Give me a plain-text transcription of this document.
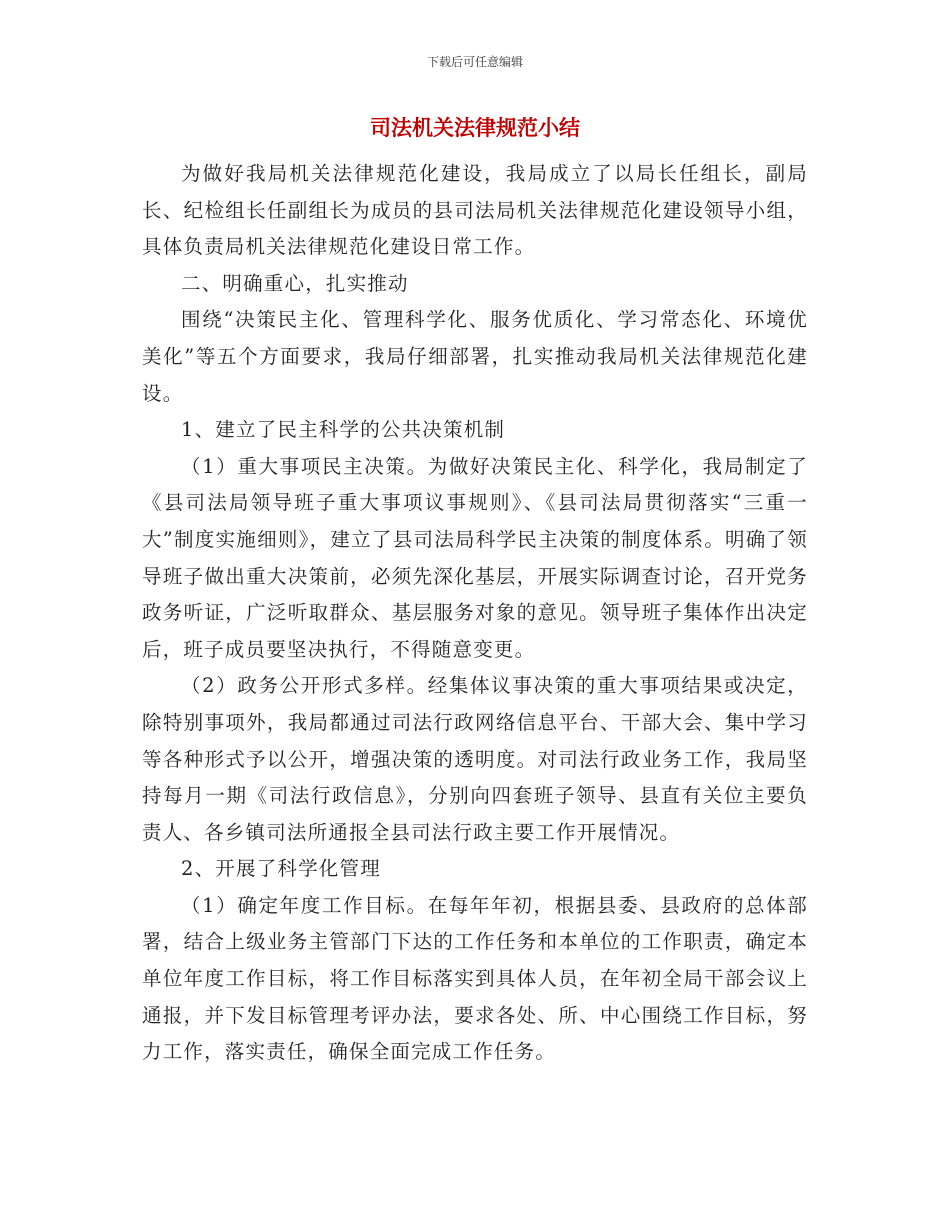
下载后可任意编辑
司法机关法律规范小结

为做好我局机关法律规范化建设，我局成立了以局长任组长，副局长、纪检组长任副组长为成员的县司法局机关法律规范化建设领导小组，具体负责局机关法律规范化建设日常工作。

二、明确重心，扎实推动

围绕“决策民主化、管理科学化、服务优质化、学习常态化、环境优美化”等五个方面要求，我局仔细部署，扎实推动我局机关法律规范化建设。

1、建立了民主科学的公共决策机制

（1）重大事项民主决策。为做好决策民主化、科学化，我局制定了《县司法局领导班子重大事项议事规则》、《县司法局贯彻落实“三重一大”制度实施细则》，建立了县司法局科学民主决策的制度体系。明确了领导班子做出重大决策前，必须先深化基层，开展实际调查讨论，召开党务政务听证，广泛听取群众、基层服务对象的意见。领导班子集体作出决定后，班子成员要坚决执行，不得随意变更。

（2）政务公开形式多样。经集体议事决策的重大事项结果或决定，除特别事项外，我局都通过司法行政网络信息平台、干部大会、集中学习等各种形式予以公开，增强决策的透明度。对司法行政业务工作，我局坚持每月一期《司法行政信息》，分别向四套班子领导、县直有关位主要负责人、各乡镇司法所通报全县司法行政主要工作开展情况。

2、开展了科学化管理

（1）确定年度工作目标。在每年年初，根据县委、县政府的总体部署，结合上级业务主管部门下达的工作任务和本单位的工作职责，确定本单位年度工作目标，将工作目标落实到具体人员，在年初全局干部会议上通报，并下发目标管理考评办法，要求各处、所、中心围绕工作目标，努力工作，落实责任，确保全面完成工作任务。
